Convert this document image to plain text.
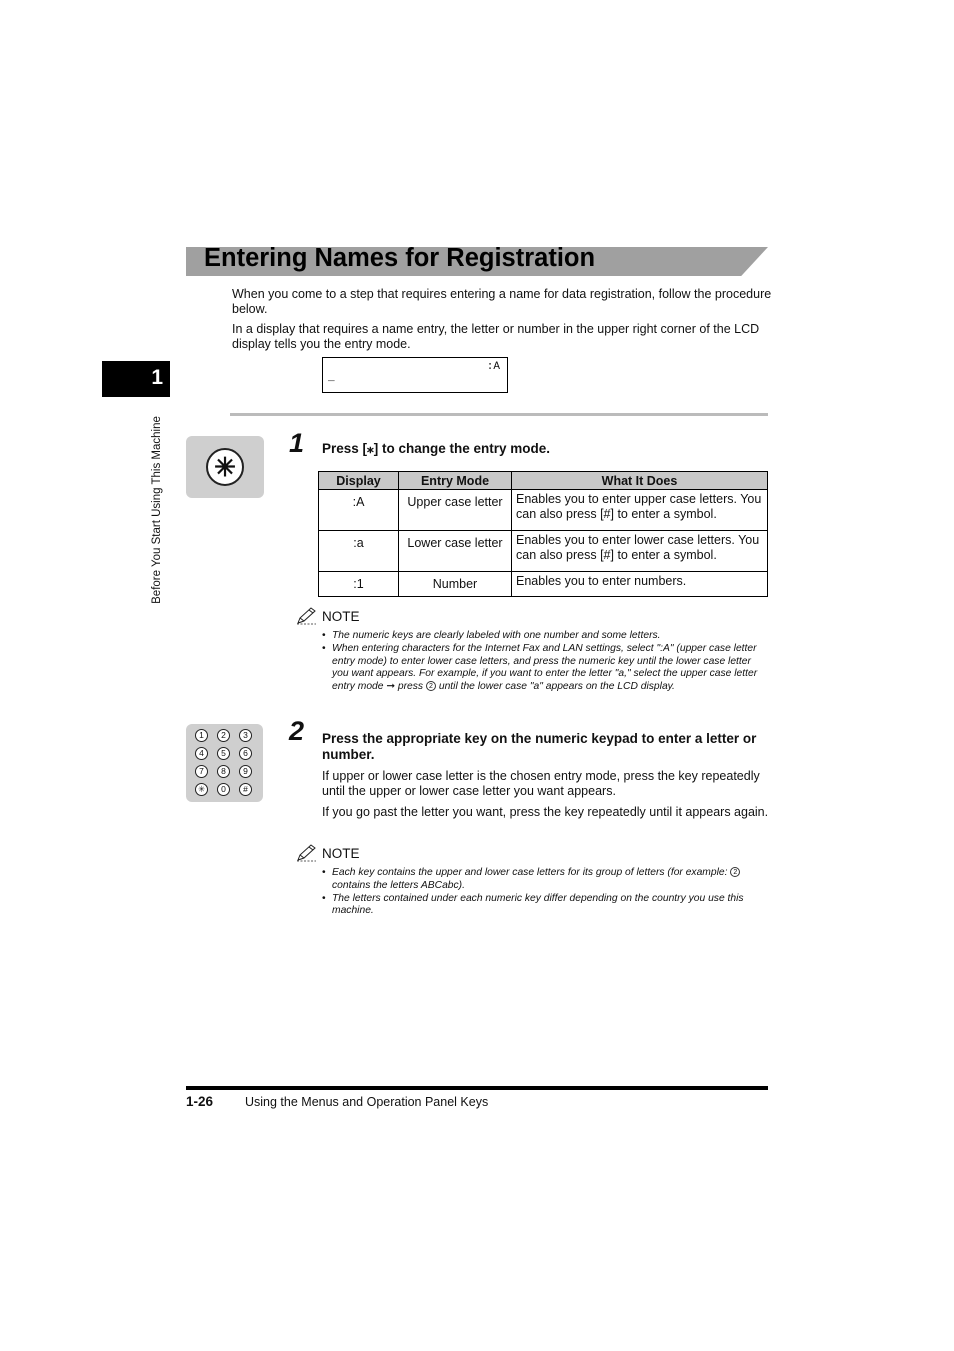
Entering Names for Registration
When you come to a step that requires entering a name for data registration, follow the procedure below.
In a display that requires a name entry, the letter or number in the upper right corner of the LCD display tells you the entry mode.
:A
_
1
Before You Start Using This Machine	✳
1 Press [⁎] to change the entry mode.
Display	Entry Mode	What It Does
:A	Upper case letter	Enables you to enter upper case letters. You can also press [#] to enter a symbol.
:a	Lower case letter	Enables you to enter lower case letters. You can also press [#] to enter a symbol.
:1	Number	Enables you to enter numbers.
NOTE
• The numeric keys are clearly labeled with one number and some letters.
• When entering characters for the Internet Fax and LAN settings, select ":A" (upper case letter entry mode) to enter lower case letters, and press the numeric key until the lower case letter you want appears. For example, if you want to enter the letter "a," select the upper case letter entry mode ➞ press 2 until the lower case "a" appears on the LCD display.
1	2	3
4	5	6
7	8	9
✳	0	#
2 Press the appropriate key on the numeric keypad to enter a letter or number.
If upper or lower case letter is the chosen entry mode, press the key repeatedly until the upper or lower case letter you want appears.
If you go past the letter you want, press the key repeatedly until it appears again.
NOTE
• Each key contains the upper and lower case letters for its group of letters (for example: 2 contains the letters ABCabc).
• The letters contained under each numeric key differ depending on the country you use this machine.
1-26	Using the Menus and Operation Panel Keys
